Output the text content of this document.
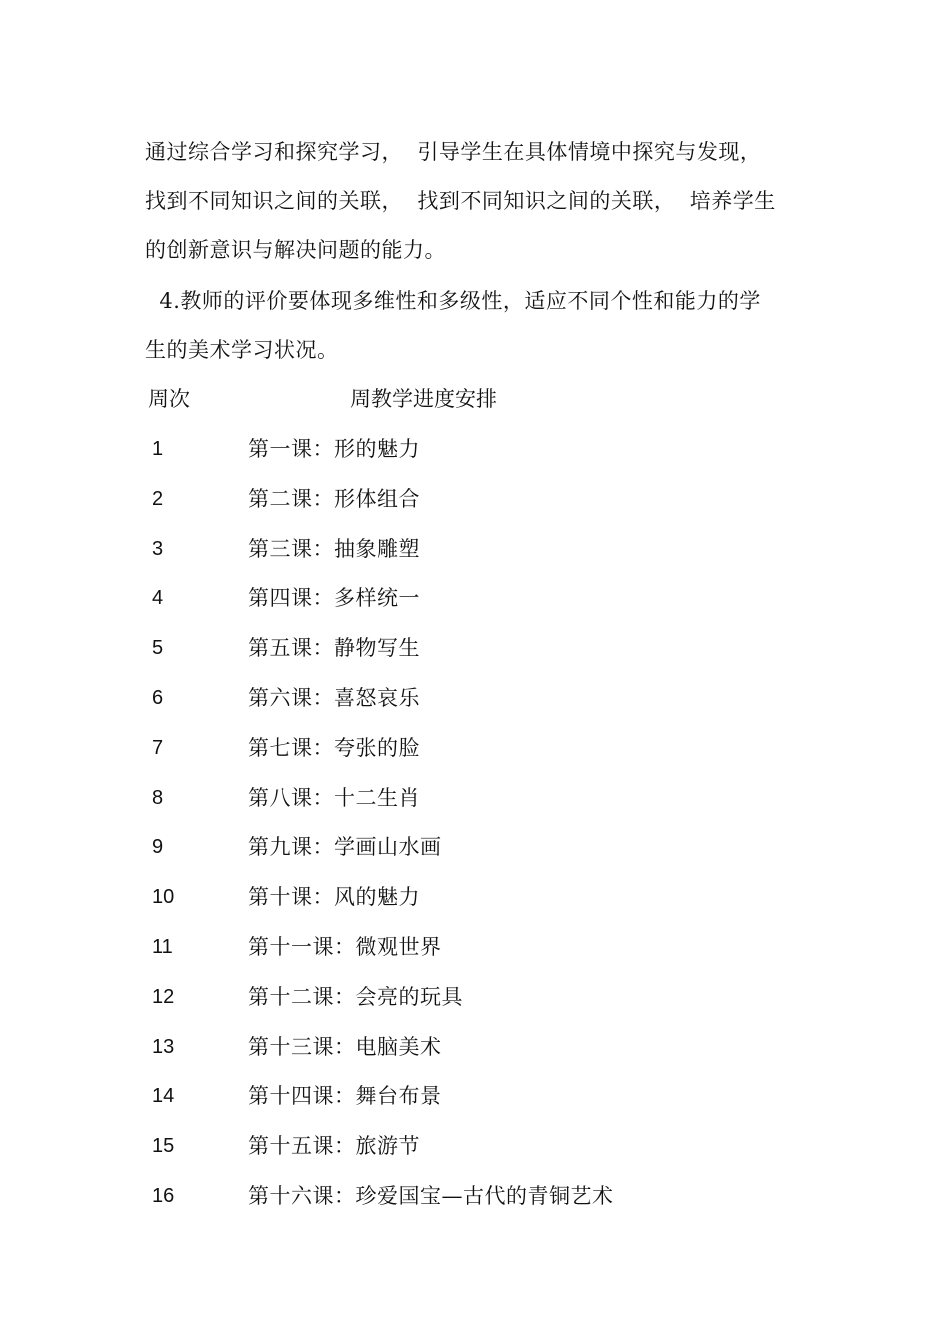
通过综合学习和探究学习，  引导学生在具体情境中探究与发现，
找到不同知识之间的关联，  找到不同知识之间的关联，  培养学生
的创新意识与解决问题的能力。
4.教师的评价要体现多维性和多级性，适应不同个性和能力的学
生的美术学习状况。
周次	周教学进度安排
1	第一课：形的魅力
2	第二课：形体组合
3	第三课：抽象雕塑
4	第四课：多样统一
5	第五课：静物写生
6	第六课：喜怒哀乐
7	第七课：夸张的脸
8	第八课：十二生肖
9	第九课：学画山水画
10	第十课：风的魅力
11	第十一课：微观世界
12	第十二课：会亮的玩具
13	第十三课：电脑美术
14	第十四课：舞台布景
15	第十五课：旅游节
16	第十六课：珍爱国宝—古代的青铜艺术
